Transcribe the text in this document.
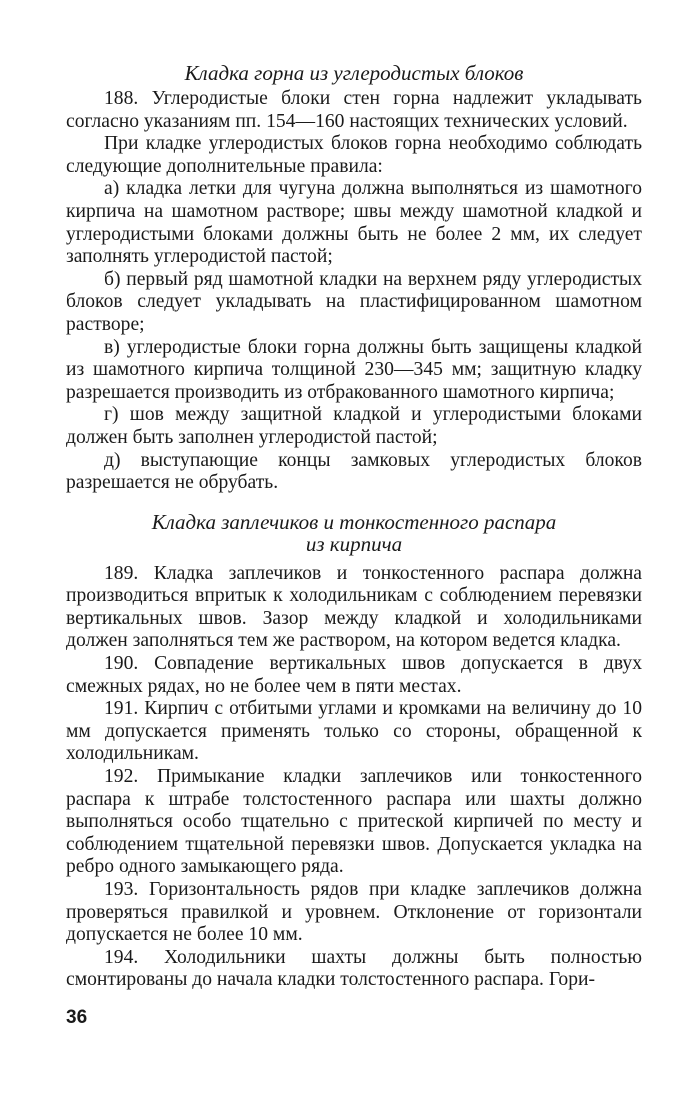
Кладка горна из углеродистых блоков

188. Углеродистые блоки стен горна надлежит укладывать согласно указаниям пп. 154—160 настоящих технических условий.

При кладке углеродистых блоков горна необходимо соблюдать следующие дополнительные правила:

а) кладка летки для чугуна должна выполняться из шамотного кирпича на шамотном растворе; швы между шамотной кладкой и углеродистыми блоками должны быть не более 2 мм, их следует заполнять углеродистой пастой;

б) первый ряд шамотной кладки на верхнем ряду углеродистых блоков следует укладывать на пластифицированном шамотном растворе;

в) углеродистые блоки горна должны быть защищены кладкой из шамотного кирпича толщиной 230—345 мм; защитную кладку разрешается производить из отбракованного шамотного кирпича;

г) шов между защитной кладкой и углеродистыми блоками должен быть заполнен углеродистой пастой;

д) выступающие концы замковых углеродистых блоков разрешается не обрубать.

Кладка заплечиков и тонкостенного распара
из кирпича

189. Кладка заплечиков и тонкостенного распара должна производиться впритык к холодильникам с соблюдением перевязки вертикальных швов. Зазор между кладкой и холодильниками должен заполняться тем же раствором, на котором ведется кладка.

190. Совпадение вертикальных швов допускается в двух смежных рядах, но не более чем в пяти местах.

191. Кирпич с отбитыми углами и кромками на величину до 10 мм допускается применять только со стороны, обращенной к холодильникам.

192. Примыкание кладки заплечиков или тонкостенного распара к штрабе толстостенного распара или шахты должно выполняться особо тщательно с притеской кирпичей по месту и соблюдением тщательной перевязки швов. Допускается укладка на ребро одного замыкающего ряда.

193. Горизонтальность рядов при кладке заплечиков должна проверяться правилкой и уровнем. Отклонение от горизонтали допускается не более 10 мм.

194. Холодильники шахты должны быть полностью смонтированы до начала кладки толстостенного распара. Гори-

36
